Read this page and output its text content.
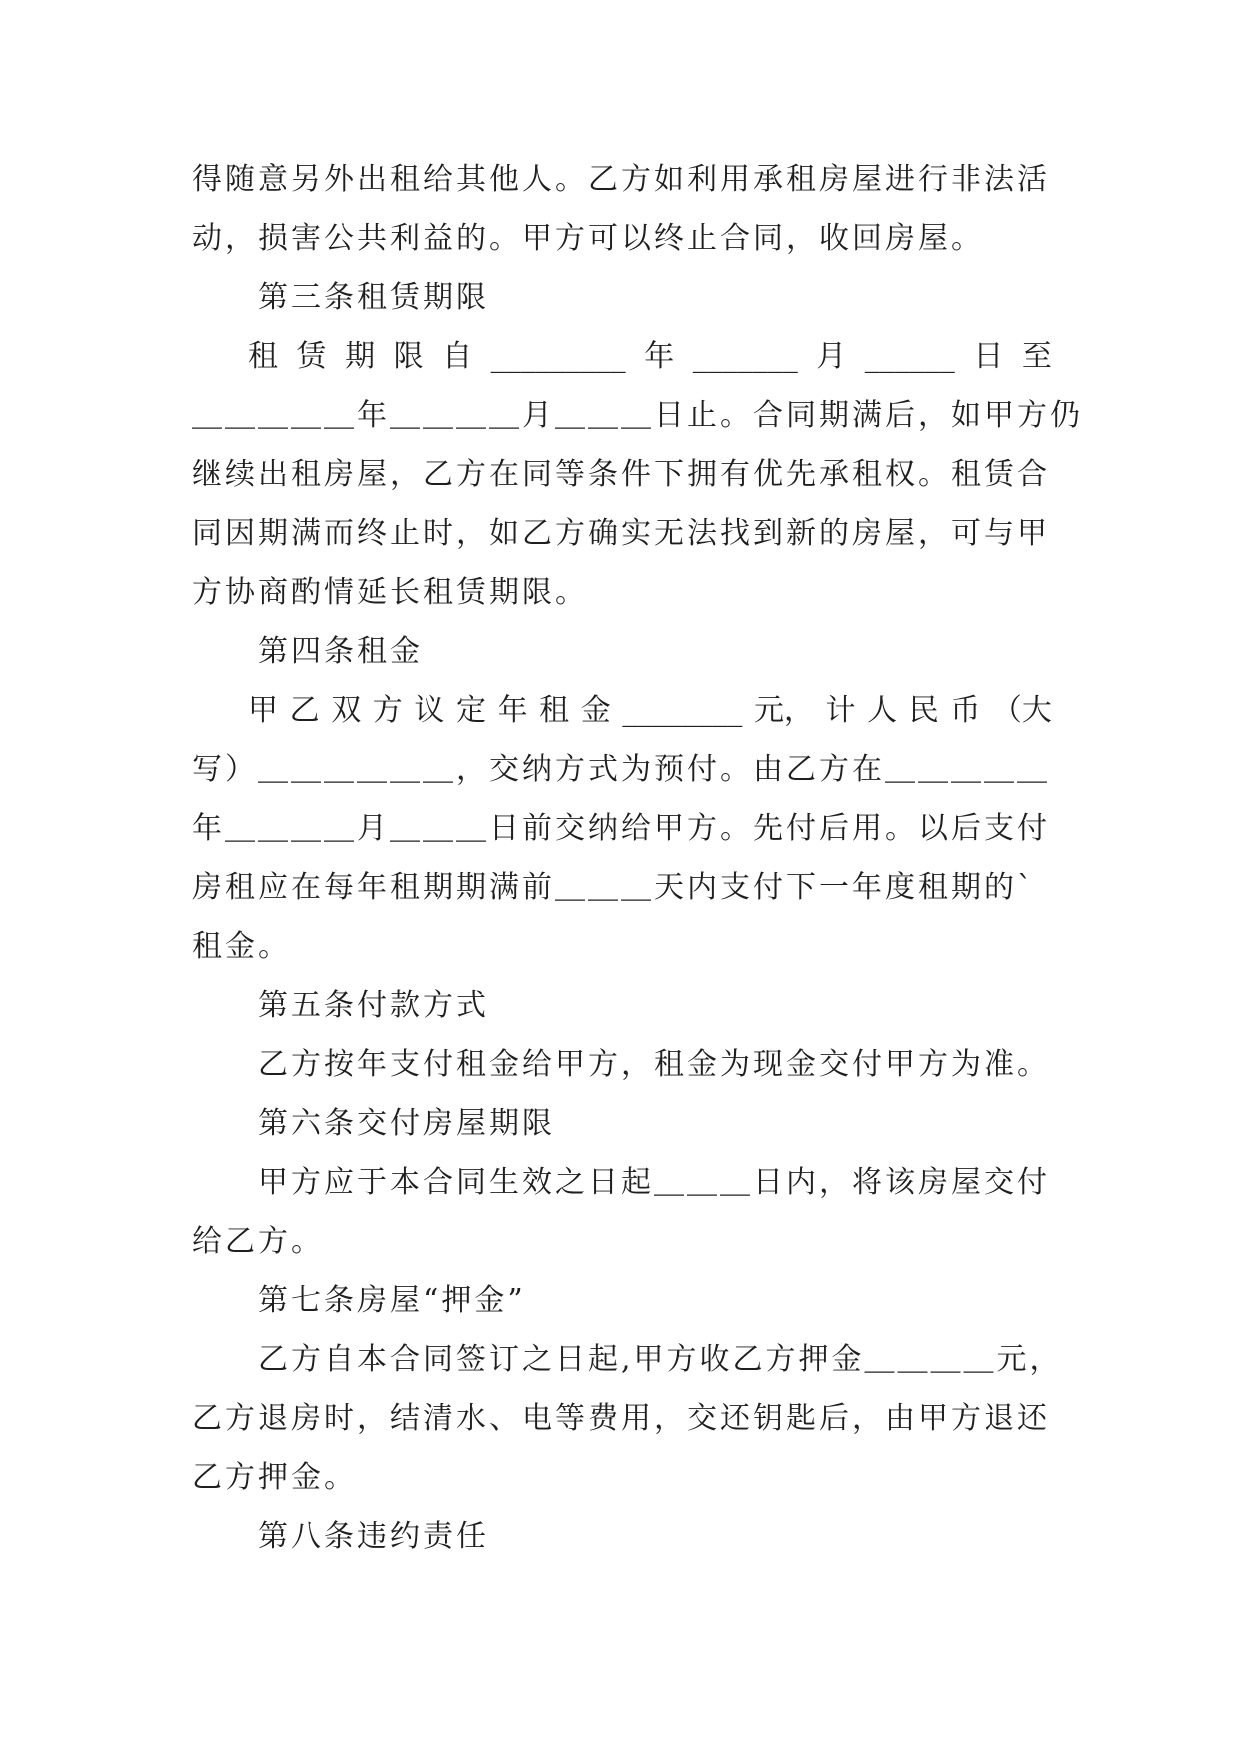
得随意另外出租给其他人。乙方如利用承租房屋进行非法活
动，损害公共利益的。甲方可以终止合同，收回房屋。
第三条租赁期限
租 赁 期 限 自 _________ 年 _______ 月 ______ 日 至
＿＿＿＿＿年＿＿＿＿月＿＿＿日止。合同期满后，如甲方仍
继续出租房屋，乙方在同等条件下拥有优先承租权。租赁合
同因期满而终止时，如乙方确实无法找到新的房屋，可与甲
方协商酌情延长租赁期限。
第四条租金
甲 乙 双 方 议 定 年 租 金 ________ 元， 计 人 民 币 （大
写）＿＿＿＿＿＿，交纳方式为预付。由乙方在＿＿＿＿＿
年＿＿＿＿月＿＿＿日前交纳给甲方。先付后用。以后支付
房租应在每年租期期满前＿＿＿天内支付下一年度租期的`
租金。
第五条付款方式
乙方按年支付租金给甲方，租金为现金交付甲方为准。
第六条交付房屋期限
甲方应于本合同生效之日起＿＿＿日内，将该房屋交付
给乙方。
第七条房屋“押金”
乙方自本合同签订之日起,甲方收乙方押金＿＿＿＿元，
乙方退房时，结清水、电等费用，交还钥匙后，由甲方退还
乙方押金。
第八条违约责任
